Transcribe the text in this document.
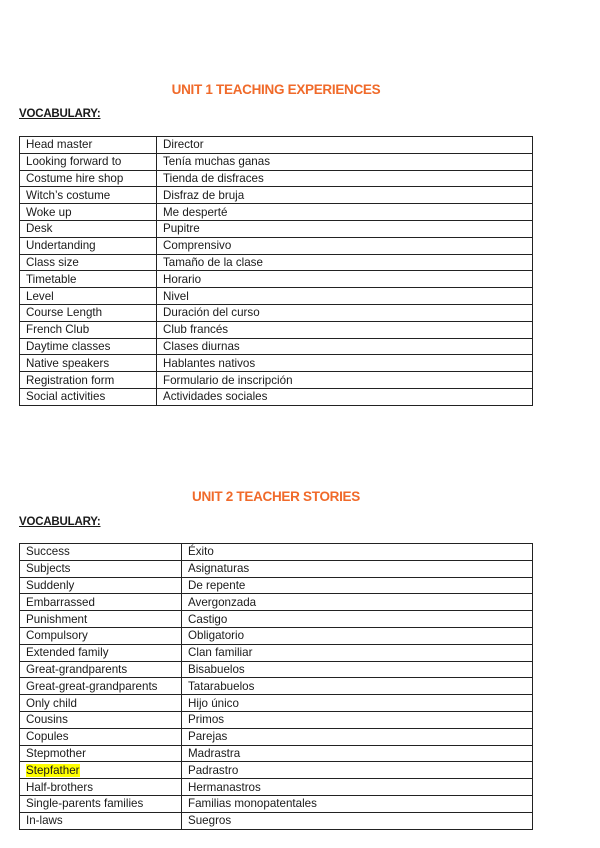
UNIT 1 TEACHING EXPERIENCES
VOCABULARY:
Head master	Director
Looking forward to	Tenía muchas ganas
Costume hire shop	Tienda de disfraces
Witch’s costume	Disfraz de bruja
Woke up	Me desperté
Desk	Pupitre
Undertanding	Comprensivo
Class size	Tamaño de la clase
Timetable	Horario
Level	Nivel
Course Length	Duración del curso
French Club	Club francés
Daytime classes	Clases diurnas
Native speakers	Hablantes nativos
Registration form	Formulario de inscripción
Social activities	Actividades sociales
UNIT 2 TEACHER STORIES
VOCABULARY:
Success	Éxito
Subjects	Asignaturas
Suddenly	De repente
Embarrassed	Avergonzada
Punishment	Castigo
Compulsory	Obligatorio
Extended family	Clan familiar
Great-grandparents	Bisabuelos
Great-great-grandparents	Tatarabuelos
Only child	Hijo único
Cousins	Primos
Copules	Parejas
Stepmother	Madrastra
Stepfather	Padrastro
Half-brothers	Hermanastros
Single-parents families	Familias monopatentales
In-laws	Suegros
